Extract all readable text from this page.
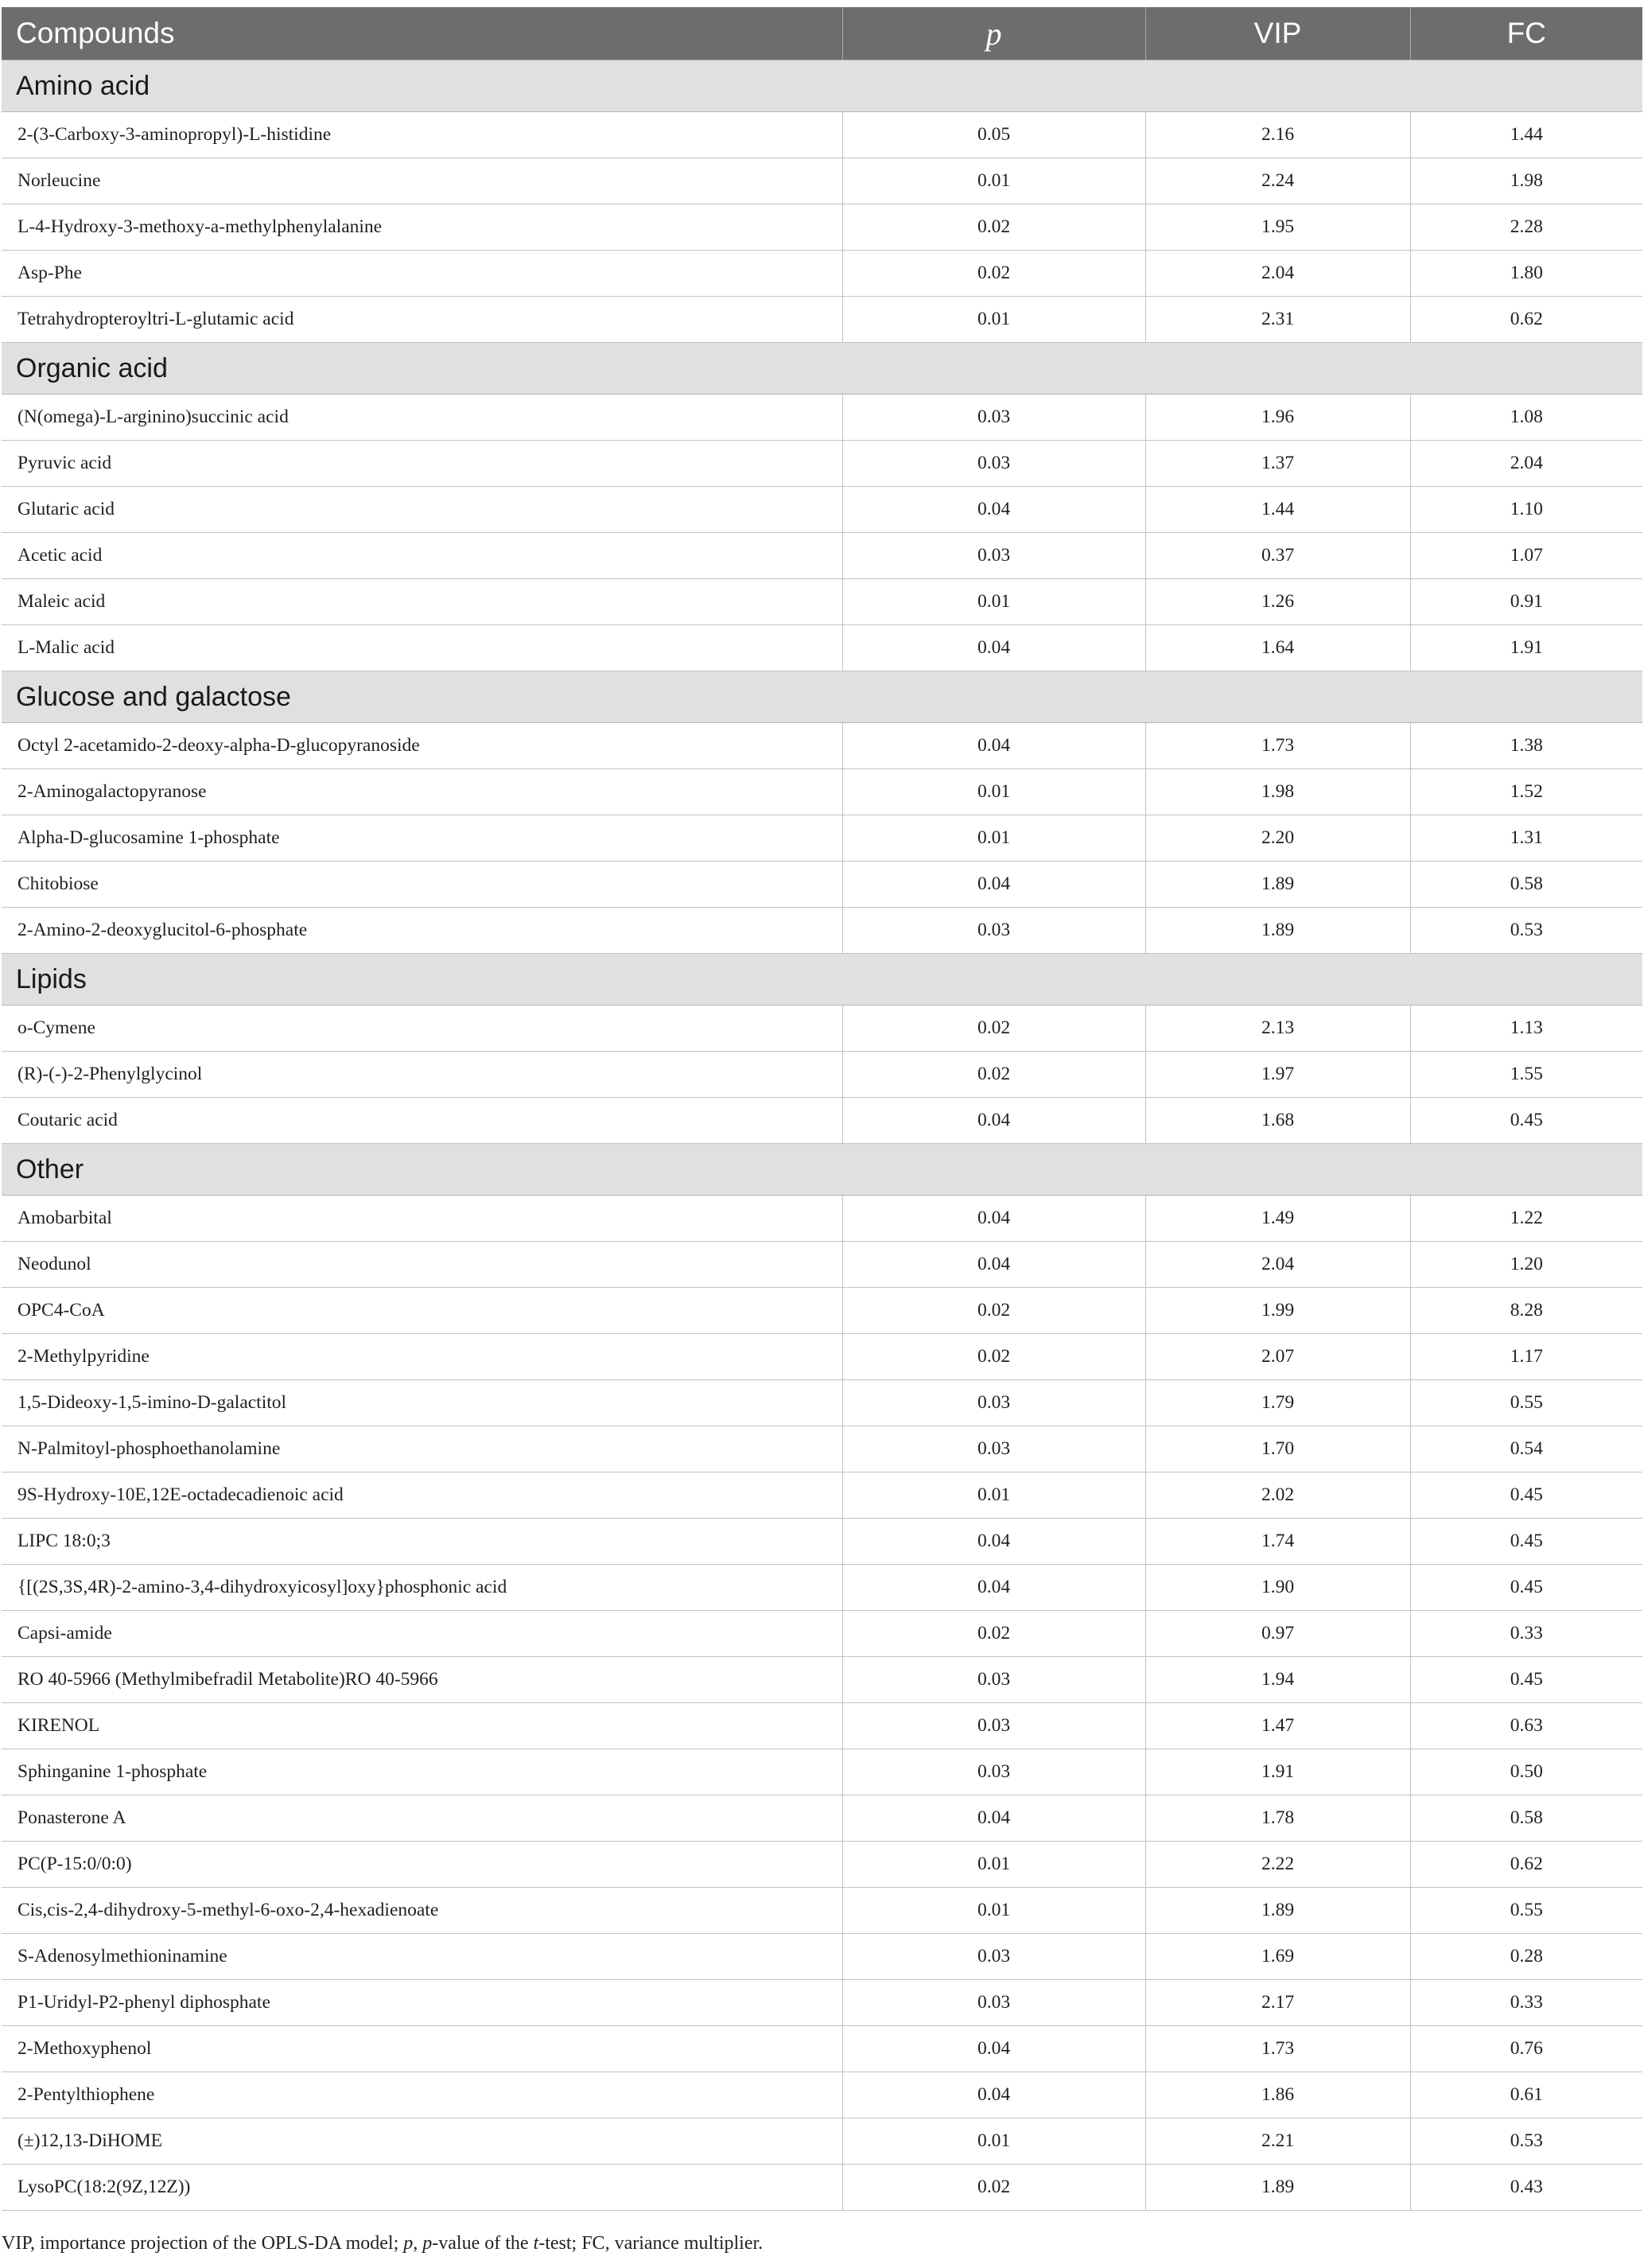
Compounds	p	VIP	FC
Amino acid			
2-(3-Carboxy-3-aminopropyl)-L-histidine	0.05	2.16	1.44
Norleucine	0.01	2.24	1.98
L-4-Hydroxy-3-methoxy-a-methylphenylalanine	0.02	1.95	2.28
Asp-Phe	0.02	2.04	1.80
Tetrahydropteroyltri-L-glutamic acid	0.01	2.31	0.62
Organic acid			
(N(omega)-L-arginino)succinic acid	0.03	1.96	1.08
Pyruvic acid	0.03	1.37	2.04
Glutaric acid	0.04	1.44	1.10
Acetic acid	0.03	0.37	1.07
Maleic acid	0.01	1.26	0.91
L-Malic acid	0.04	1.64	1.91
Glucose and galactose			
Octyl 2-acetamido-2-deoxy-alpha-D-glucopyranoside	0.04	1.73	1.38
2-Aminogalactopyranose	0.01	1.98	1.52
Alpha-D-glucosamine 1-phosphate	0.01	2.20	1.31
Chitobiose	0.04	1.89	0.58
2-Amino-2-deoxyglucitol-6-phosphate	0.03	1.89	0.53
Lipids			
o-Cymene	0.02	2.13	1.13
(R)-(-)-2-Phenylglycinol	0.02	1.97	1.55
Coutaric acid	0.04	1.68	0.45
Other			
Amobarbital	0.04	1.49	1.22
Neodunol	0.04	2.04	1.20
OPC4-CoA	0.02	1.99	8.28
2-Methylpyridine	0.02	2.07	1.17
1,5-Dideoxy-1,5-imino-D-galactitol	0.03	1.79	0.55
N-Palmitoyl-phosphoethanolamine	0.03	1.70	0.54
9S-Hydroxy-10E,12E-octadecadienoic acid	0.01	2.02	0.45
LIPC 18:0;3	0.04	1.74	0.45
{[(2S,3S,4R)-2-amino-3,4-dihydroxyicosyl]oxy}phosphonic acid	0.04	1.90	0.45
Capsi-amide	0.02	0.97	0.33
RO 40-5966 (Methylmibefradil Metabolite)RO 40-5966	0.03	1.94	0.45
KIRENOL	0.03	1.47	0.63
Sphinganine 1-phosphate	0.03	1.91	0.50
Ponasterone A	0.04	1.78	0.58
PC(P-15:0/0:0)	0.01	2.22	0.62
Cis,cis-2,4-dihydroxy-5-methyl-6-oxo-2,4-hexadienoate	0.01	1.89	0.55
S-Adenosylmethioninamine	0.03	1.69	0.28
P1-Uridyl-P2-phenyl diphosphate	0.03	2.17	0.33
2-Methoxyphenol	0.04	1.73	0.76
2-Pentylthiophene	0.04	1.86	0.61
(±)12,13-DiHOME	0.01	2.21	0.53
LysoPC(18:2(9Z,12Z))	0.02	1.89	0.43
VIP, importance projection of the OPLS-DA model; p, p-value of the t-test; FC, variance multiplier.
